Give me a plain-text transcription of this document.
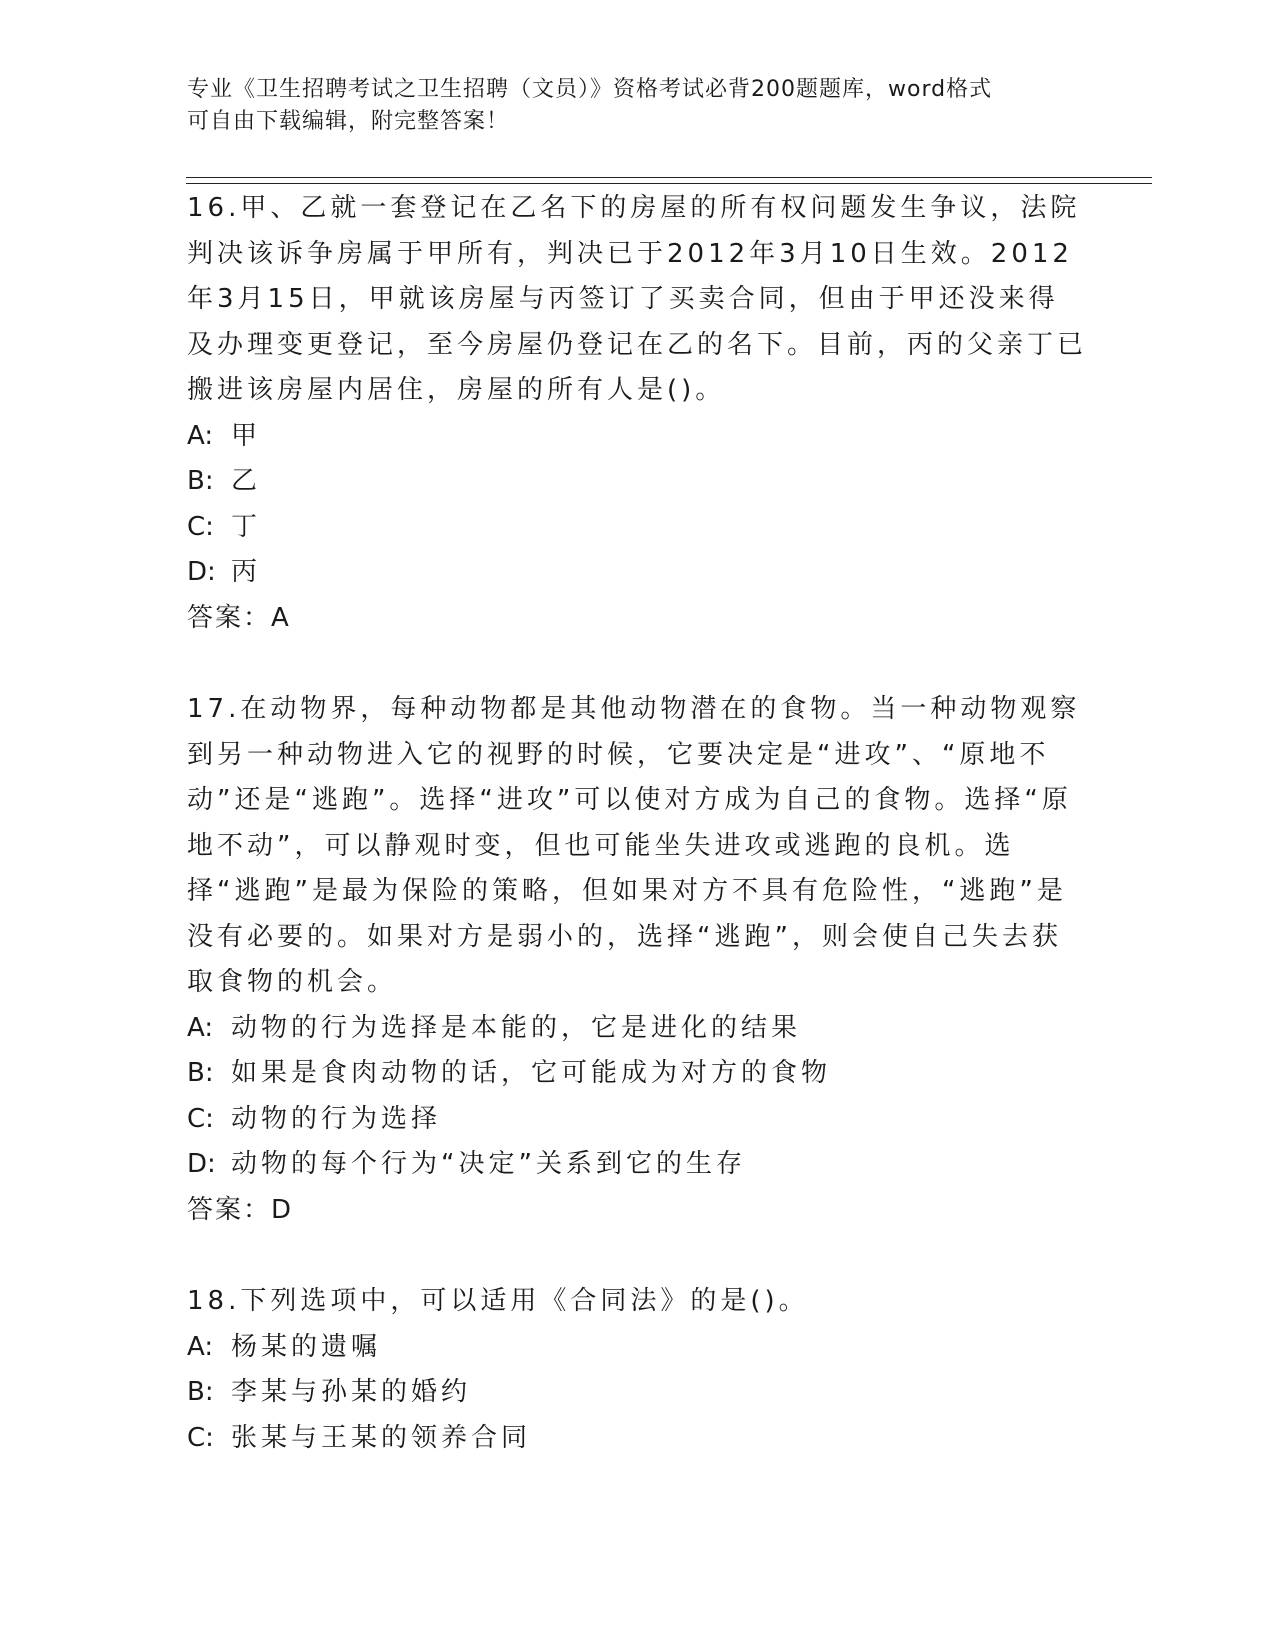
专业《卫生招聘考试之卫生招聘（文员）》资格考试必背200题题库，word格式
可自由下载编辑，附完整答案！

16.甲、乙就一套登记在乙名下的房屋的所有权问题发生争议，法院判决该诉争房属于甲所有，判决已于2012年3月10日生效。2012年3月15日，甲就该房屋与丙签订了买卖合同，但由于甲还没来得及办理变更登记，至今房屋仍登记在乙的名下。目前，丙的父亲丁已搬进该房屋内居住，房屋的所有人是()。

A: 甲
B: 乙
C: 丁
D: 丙

答案：A

17.在动物界，每种动物都是其他动物潜在的食物。当一种动物观察到另一种动物进入它的视野的时候，它要决定是“进攻”、“原地不动”还是“逃跑”。选择“进攻”可以使对方成为自己的食物。选择“原地不动”，可以静观时变，但也可能坐失进攻或逃跑的良机。选择“逃跑”是最为保险的策略，但如果对方不具有危险性，“逃跑”是没有必要的。如果对方是弱小的，选择“逃跑”，则会使自己失去获取食物的机会。

A: 动物的行为选择是本能的，它是进化的结果
B: 如果是食肉动物的话，它可能成为对方的食物
C: 动物的行为选择
D: 动物的每个行为“决定”关系到它的生存

答案：D

18.下列选项中，可以适用《合同法》的是()。

A: 杨某的遗嘱
B: 李某与孙某的婚约
C: 张某与王某的领养合同
